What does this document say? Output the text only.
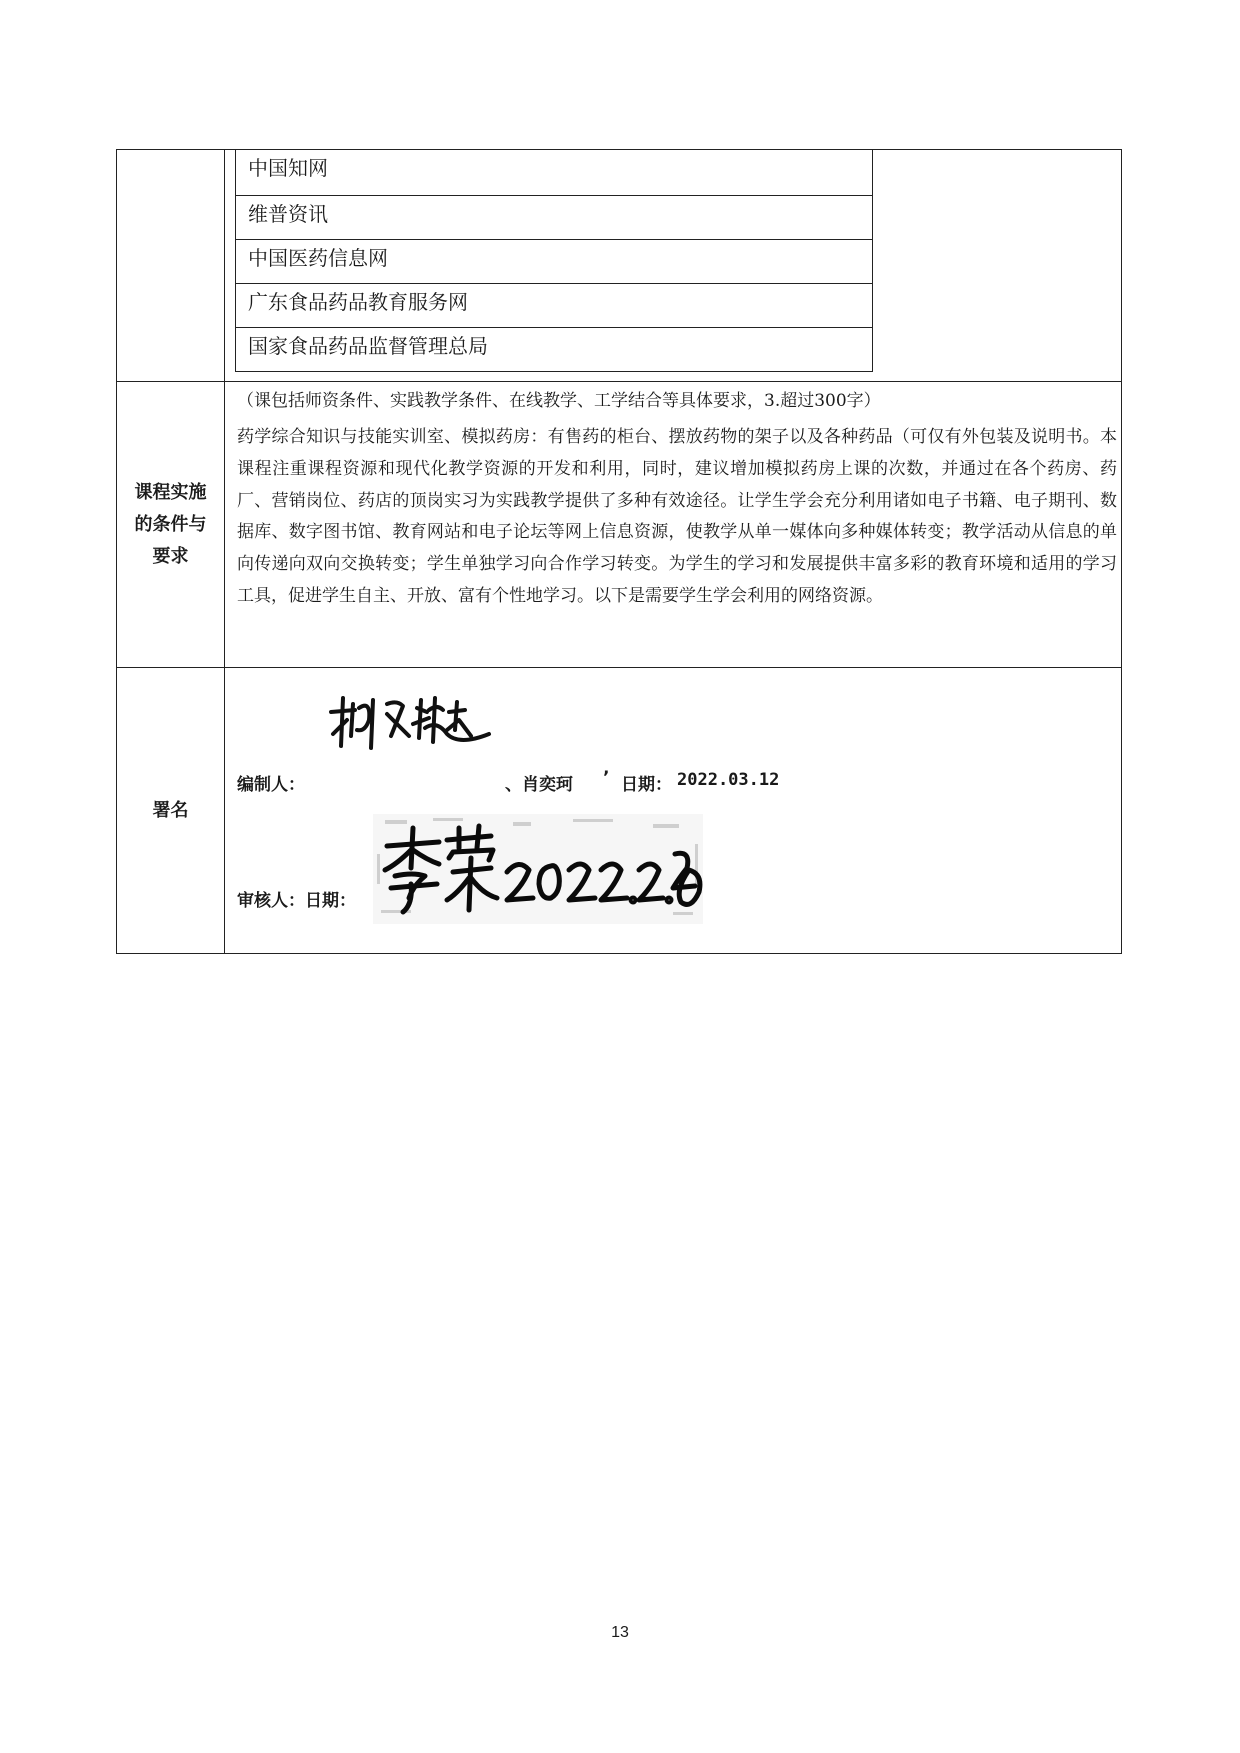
中国知网
维普资讯
中国医药信息网
广东食品药品教育服务网
国家食品药品监督管理总局
课程实施
的条件与
要求
（课包括师资条件、实践教学条件、在线教学、工学结合等具体要求，3.超过300字）
药学综合知识与技能实训室、模拟药房：有售药的柜台、摆放药物的架子以及各种药品（可仅有外包装及说明书。本课程注重课程资源和现代化教学资源的开发和利用，同时，建议增加模拟药房上课的次数，并通过在各个药房、药厂、营销岗位、药店的顶岗实习为实践教学提供了多种有效途径。让学生学会充分利用诸如电子书籍、电子期刊、数据库、数字图书馆、教育网站和电子论坛等网上信息资源，使教学从单一媒体向多种媒体转变；教学活动从信息的单向传递向双向交换转变；学生单独学习向合作学习转变。为学生的学习和发展提供丰富多彩的教育环境和适用的学习工具，促进学生自主、开放、富有个性地学习。以下是需要学生学会利用的网络资源。
署名
编制人：	、肖奕珂 ’ 日期： 2022.03.12
审核人：日期：
13
